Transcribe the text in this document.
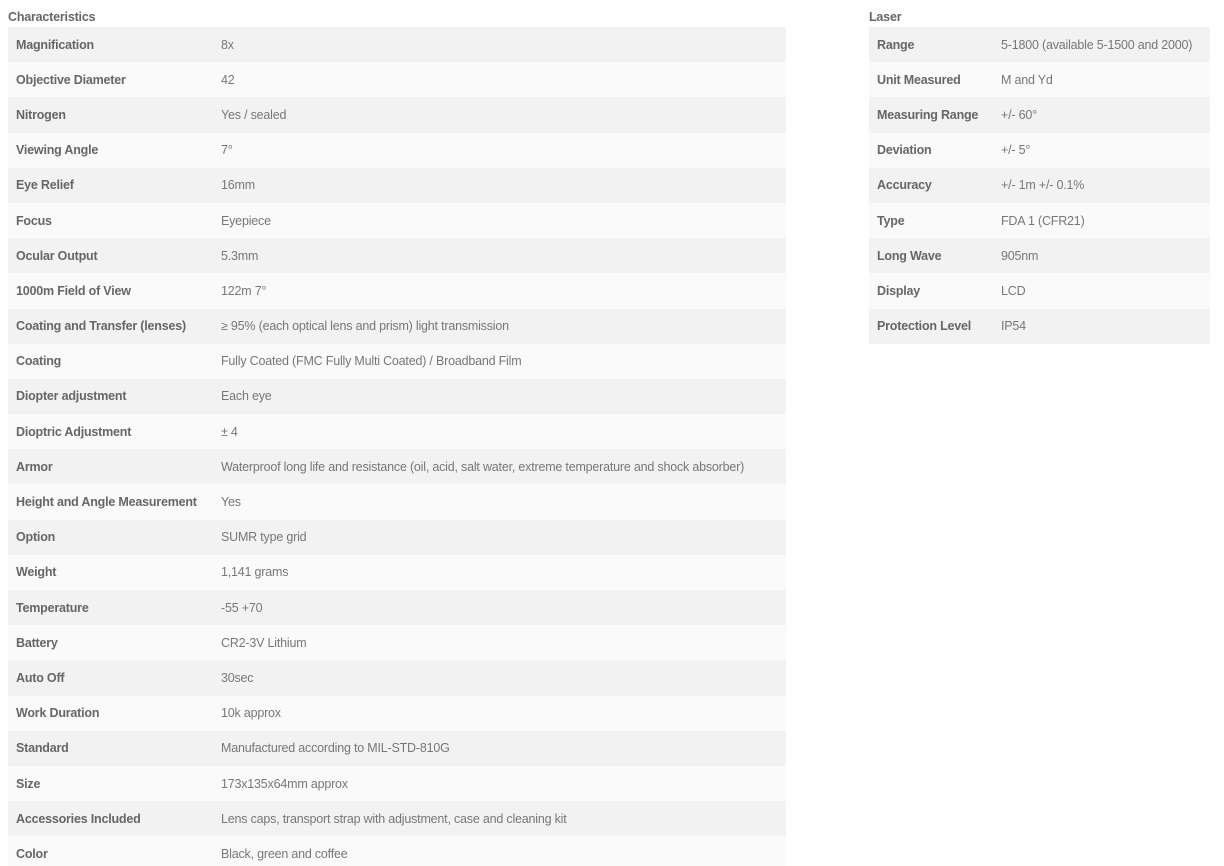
Characteristics
Magnification	8x
Objective Diameter	42
Nitrogen	Yes / sealed
Viewing Angle	7°
Eye Relief	16mm
Focus	Eyepiece
Ocular Output	5.3mm
1000m Field of View	122m 7°
Coating and Transfer (lenses)	≥ 95% (each optical lens and prism) light transmission
Coating	Fully Coated (FMC Fully Multi Coated) / Broadband Film
Diopter adjustment	Each eye
Dioptric Adjustment	± 4
Armor	Waterproof long life and resistance (oil, acid, salt water, extreme temperature and shock absorber)
Height and Angle Measurement	Yes
Option	SUMR type grid
Weight	1,141 grams
Temperature	-55 +70
Battery	CR2-3V Lithium
Auto Off	30sec
Work Duration	10k approx
Standard	Manufactured according to MIL-STD-810G
Size	173x135x64mm approx
Accessories Included	Lens caps, transport strap with adjustment, case and cleaning kit
Color	Black, green and coffee
Laser
Range	5-1800 (available 5-1500 and 2000)
Unit Measured	M and Yd
Measuring Range	+/- 60°
Deviation	+/- 5°
Accuracy	+/- 1m +/- 0.1%
Type	FDA 1 (CFR21)
Long Wave	905nm
Display	LCD
Protection Level	IP54
